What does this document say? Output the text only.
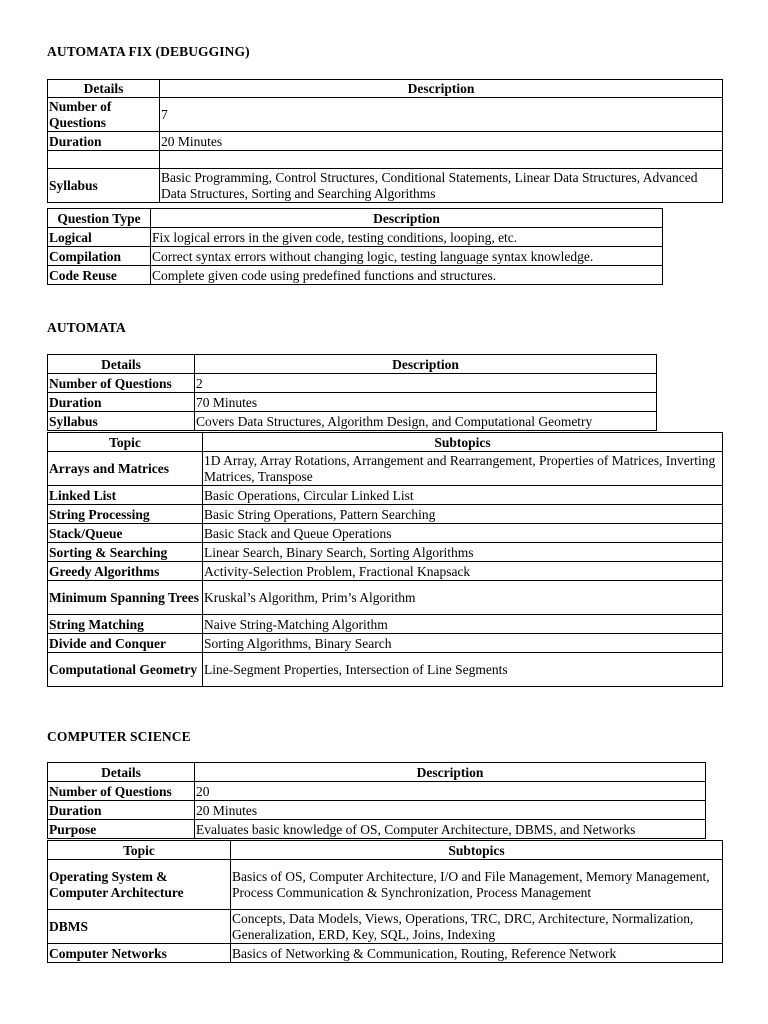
AUTOMATA FIX (DEBUGGING)
Details	Description
Number of Questions	7
Duration	20 Minutes

Syllabus	Basic Programming, Control Structures, Conditional Statements, Linear Data Structures, Advanced Data Structures, Sorting and Searching Algorithms
Question Type	Description
Logical	Fix logical errors in the given code, testing conditions, looping, etc.
Compilation	Correct syntax errors without changing logic, testing language syntax knowledge.
Code Reuse	Complete given code using predefined functions and structures.
AUTOMATA
Details	Description
Number of Questions	2
Duration	70 Minutes
Syllabus	Covers Data Structures, Algorithm Design, and Computational Geometry
Topic	Subtopics
Arrays and Matrices	1D Array, Array Rotations, Arrangement and Rearrangement, Properties of Matrices, Inverting Matrices, Transpose
Linked List	Basic Operations, Circular Linked List
String Processing	Basic String Operations, Pattern Searching
Stack/Queue	Basic Stack and Queue Operations
Sorting & Searching	Linear Search, Binary Search, Sorting Algorithms
Greedy Algorithms	Activity-Selection Problem, Fractional Knapsack
Minimum Spanning Trees	Kruskal’s Algorithm, Prim’s Algorithm
String Matching	Naive String-Matching Algorithm
Divide and Conquer	Sorting Algorithms, Binary Search
Computational Geometry	Line-Segment Properties, Intersection of Line Segments
COMPUTER SCIENCE
Details	Description
Number of Questions	20
Duration	20 Minutes
Purpose	Evaluates basic knowledge of OS, Computer Architecture, DBMS, and Networks
Topic	Subtopics
Operating System & Computer Architecture	Basics of OS, Computer Architecture, I/O and File Management, Memory Management, Process Communication & Synchronization, Process Management
DBMS	Concepts, Data Models, Views, Operations, TRC, DRC, Architecture, Normalization, Generalization, ERD, Key, SQL, Joins, Indexing
Computer Networks	Basics of Networking & Communication, Routing, Reference Network
